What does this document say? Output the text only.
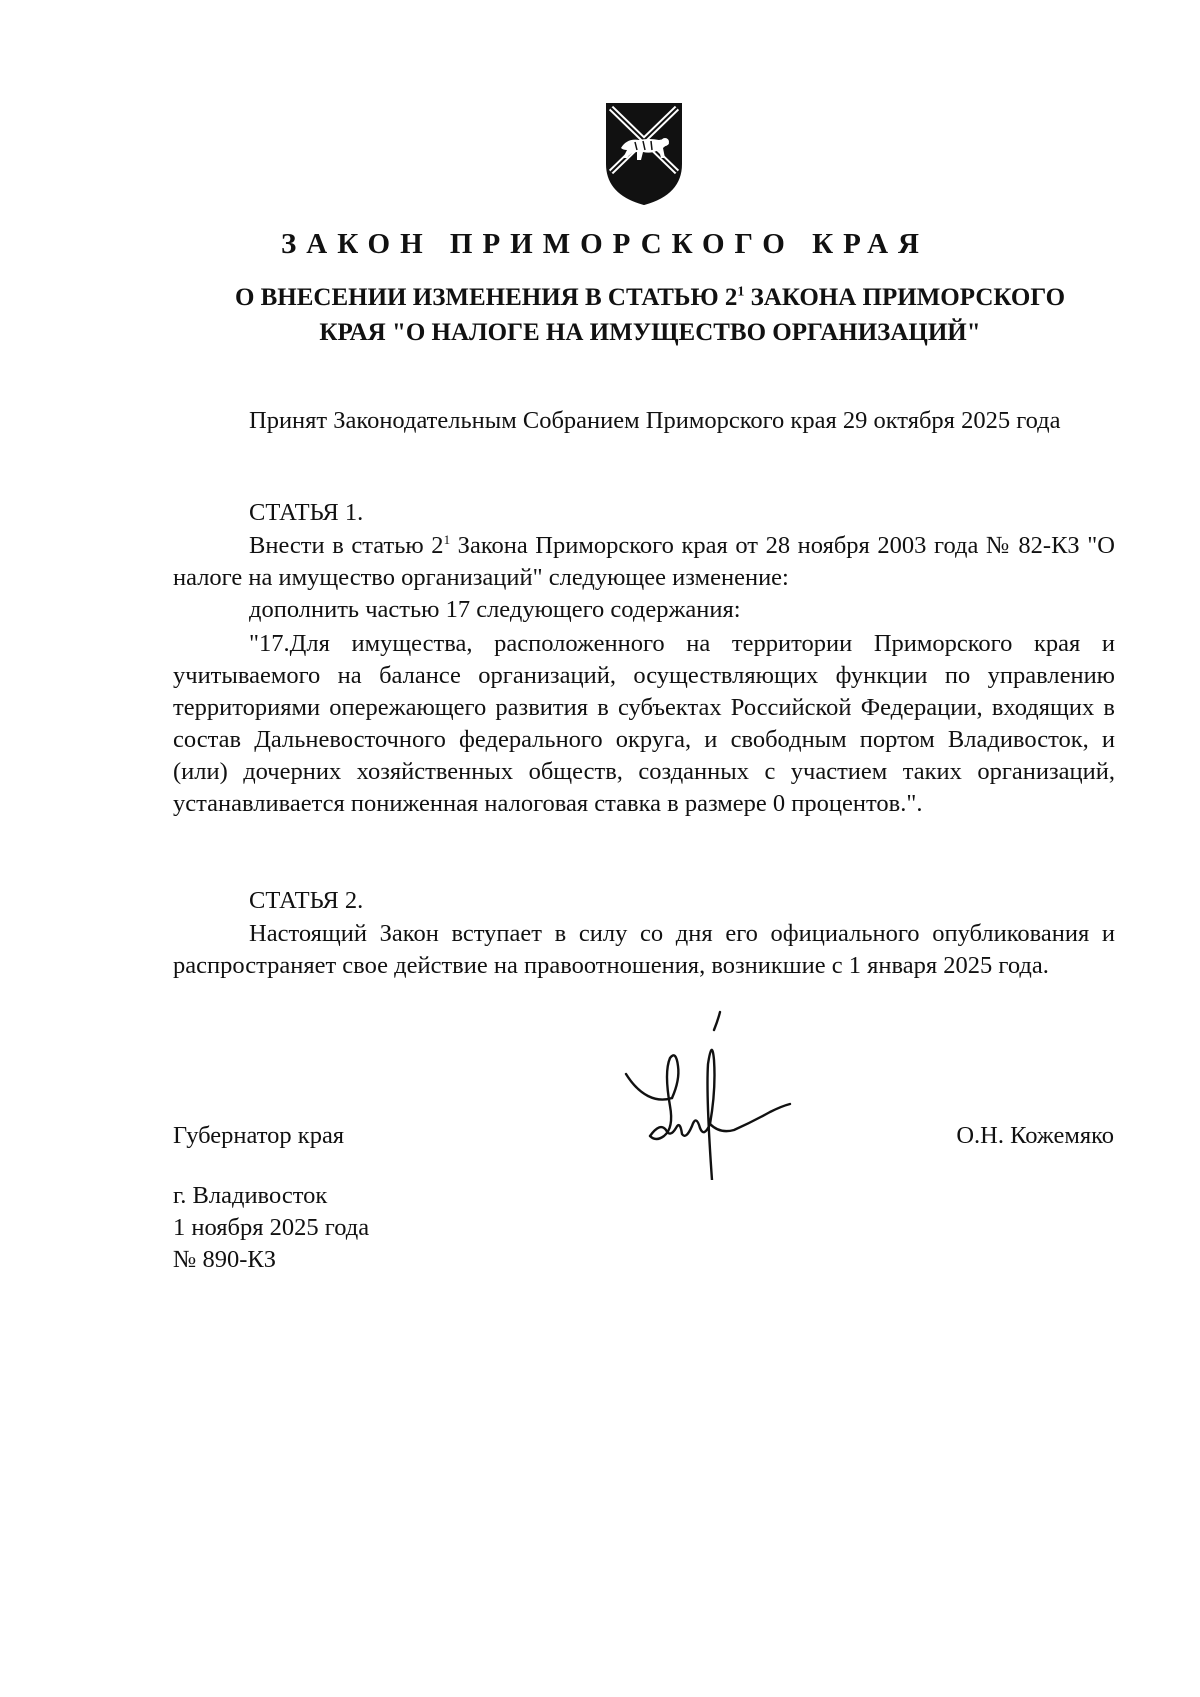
ЗАКОН ПРИМОРСКОГО КРАЯ
О ВНЕСЕНИИ ИЗМЕНЕНИЯ В СТАТЬЮ $2^1$ ЗАКОНА ПРИМОРСКОГО КРАЯ "О НАЛОГЕ НА ИМУЩЕСТВО ОРГАНИЗАЦИЙ"

Принят Законодательным Собранием Приморского края 29 октября 2025 года

СТАТЬЯ 1.

Внести в статью $2^1$ Закона Приморского края от 28 ноября 2003 года № 82-КЗ "О налоге на имущество организаций" следующее изменение:

дополнить частью 17 следующего содержания:

"17.Для имущества, расположенного на территории Приморского края и учитываемого на балансе организаций, осуществляющих функции по управлению территориями опережающего развития в субъектах Российской Федерации, входящих в состав Дальневосточного федерального округа, и свободным портом Владивосток, и (или) дочерних хозяйственных обществ, созданных с участием таких организаций, устанавливается пониженная налоговая ставка в размере 0 процентов.".

СТАТЬЯ 2.

Настоящий Закон вступает в силу со дня его официального опубликования и распространяет свое действие на правоотношения, возникшие с 1 января 2025 года.

Губернатор края	О.Н. Кожемяко
г. Владивосток
1 ноября 2025 года
№ 890-КЗ
